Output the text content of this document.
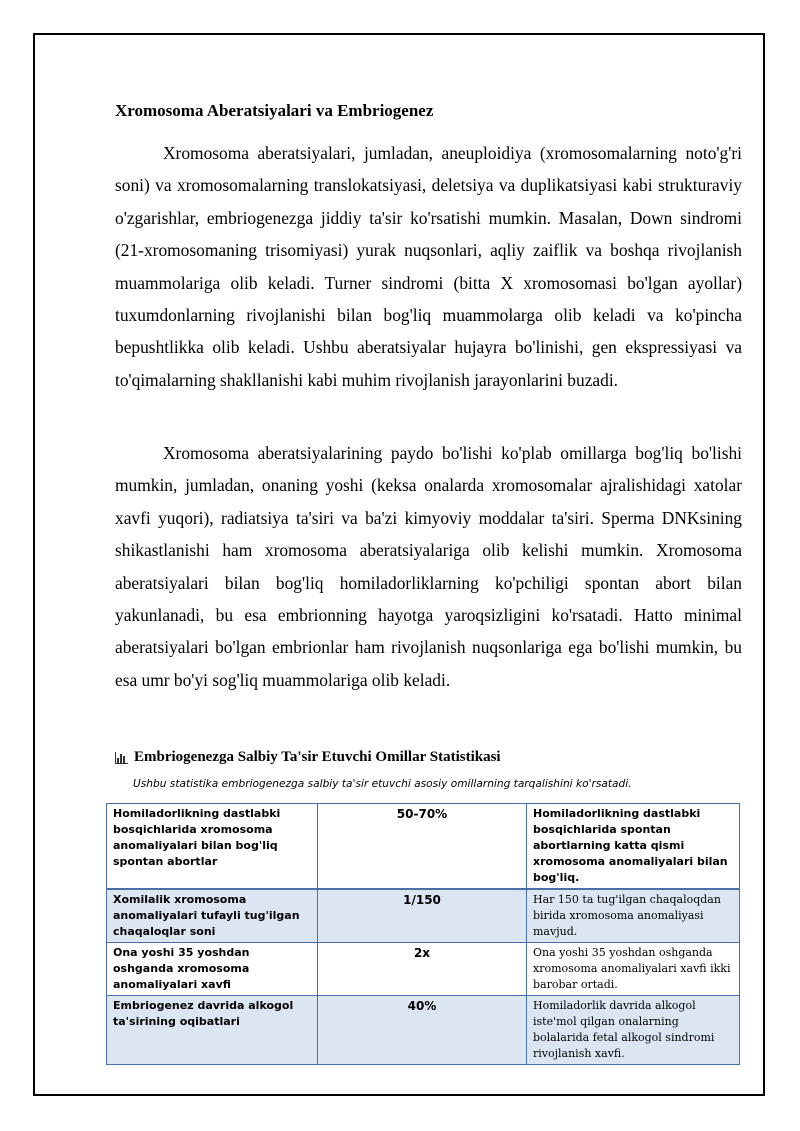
Xromosoma Aberatsiyalari va Embriogenez

Xromosoma aberatsiyalari, jumladan, aneuploidiya (xromosomalarning noto'g'ri soni) va xromosomalarning translokatsiyasi, deletsiya va duplikatsiyasi kabi strukturaviy o'zgarishlar, embriogenezga jiddiy ta'sir ko'rsatishi mumkin. Masalan, Down sindromi (21-xromosomaning trisomiyasi) yurak nuqsonlari, aqliy zaiflik va boshqa rivojlanish muammolariga olib keladi. Turner sindromi (bitta X xromosomasi bo'lgan ayollar) tuxumdonlarning rivojlanishi bilan bog'liq muammolarga olib keladi va ko'pincha bepushtlikka olib keladi. Ushbu aberatsiyalar hujayra bo'linishi, gen ekspressiyasi va to'qimalarning shakllanishi kabi muhim rivojlanish jarayonlarini buzadi.

Xromosoma aberatsiyalarining paydo bo'lishi ko'plab omillarga bog'liq bo'lishi mumkin, jumladan, onaning yoshi (keksa onalarda xromosomalar ajralishidagi xatolar xavfi yuqori), radiatsiya ta'siri va ba'zi kimyoviy moddalar ta'siri. Sperma DNKsining shikastlanishi ham xromosoma aberatsiyalariga olib kelishi mumkin. Xromosoma aberatsiyalari bilan bog'liq homiladorliklarning ko'pchiligi spontan abort bilan yakunlanadi, bu esa embrionning hayotga yaroqsizligini ko'rsatadi. Hatto minimal aberatsiyalari bo'lgan embrionlar ham rivojlanish nuqsonlariga ega bo'lishi mumkin, bu esa umr bo'yi sog'liq muammolariga olib keladi.

Embriogenezga Salbiy Ta'sir Etuvchi Omillar Statistikasi
Ushbu statistika embriogenezga salbiy ta'sir etuvchi asosiy omillarning tarqalishini ko'rsatadi.
Homiladorlikning dastlabki bosqichlarida xromosoma anomaliyalari bilan bog'liq spontan abortlar	50-70%	Homiladorlikning dastlabki bosqichlarida spontan abortlarning katta qismi xromosoma anomaliyalari bilan bog'liq.
Xomilalik xromosoma anomaliyalari tufayli tug'ilgan chaqaloqlar soni	1/150	Har 150 ta tug'ilgan chaqaloqdan birida xromosoma anomaliyasi mavjud.
Ona yoshi 35 yoshdan oshganda xromosoma anomaliyalari xavfi	2x	Ona yoshi 35 yoshdan oshganda xromosoma anomaliyalari xavfi ikki barobar ortadi.
Embriogenez davrida alkogol ta'sirining oqibatlari	40%	Homiladorlik davrida alkogol iste'mol qilgan onalarning bolalarida fetal alkogol sindromi rivojlanish xavfi.
